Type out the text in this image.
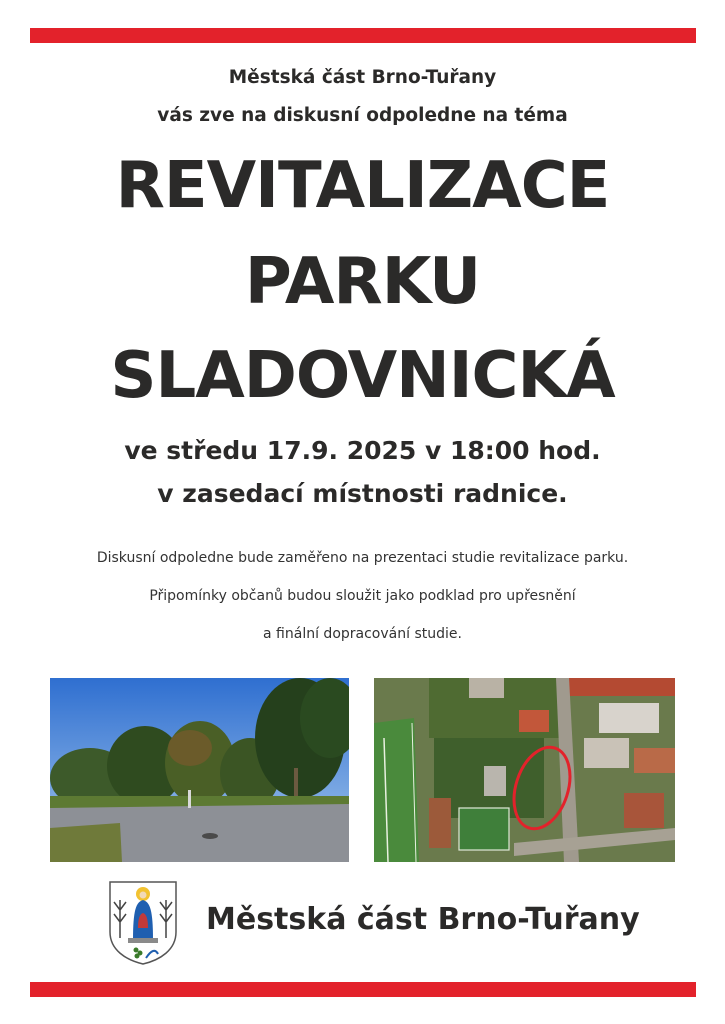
Městská část Brno-Tuřany
vás zve na diskusní odpoledne na téma
REVITALIZACE
PARKU
SLADOVNICKÁ
ve středu 17.9. 2025 v 18:00 hod.
v zasedací místnosti radnice.
Diskusní odpoledne bude zaměřeno na prezentaci studie revitalizace parku.
Připomínky občanů budou sloužit jako podklad pro upřesnění
a finální dopracování studie.
Městská část Brno-Tuřany
